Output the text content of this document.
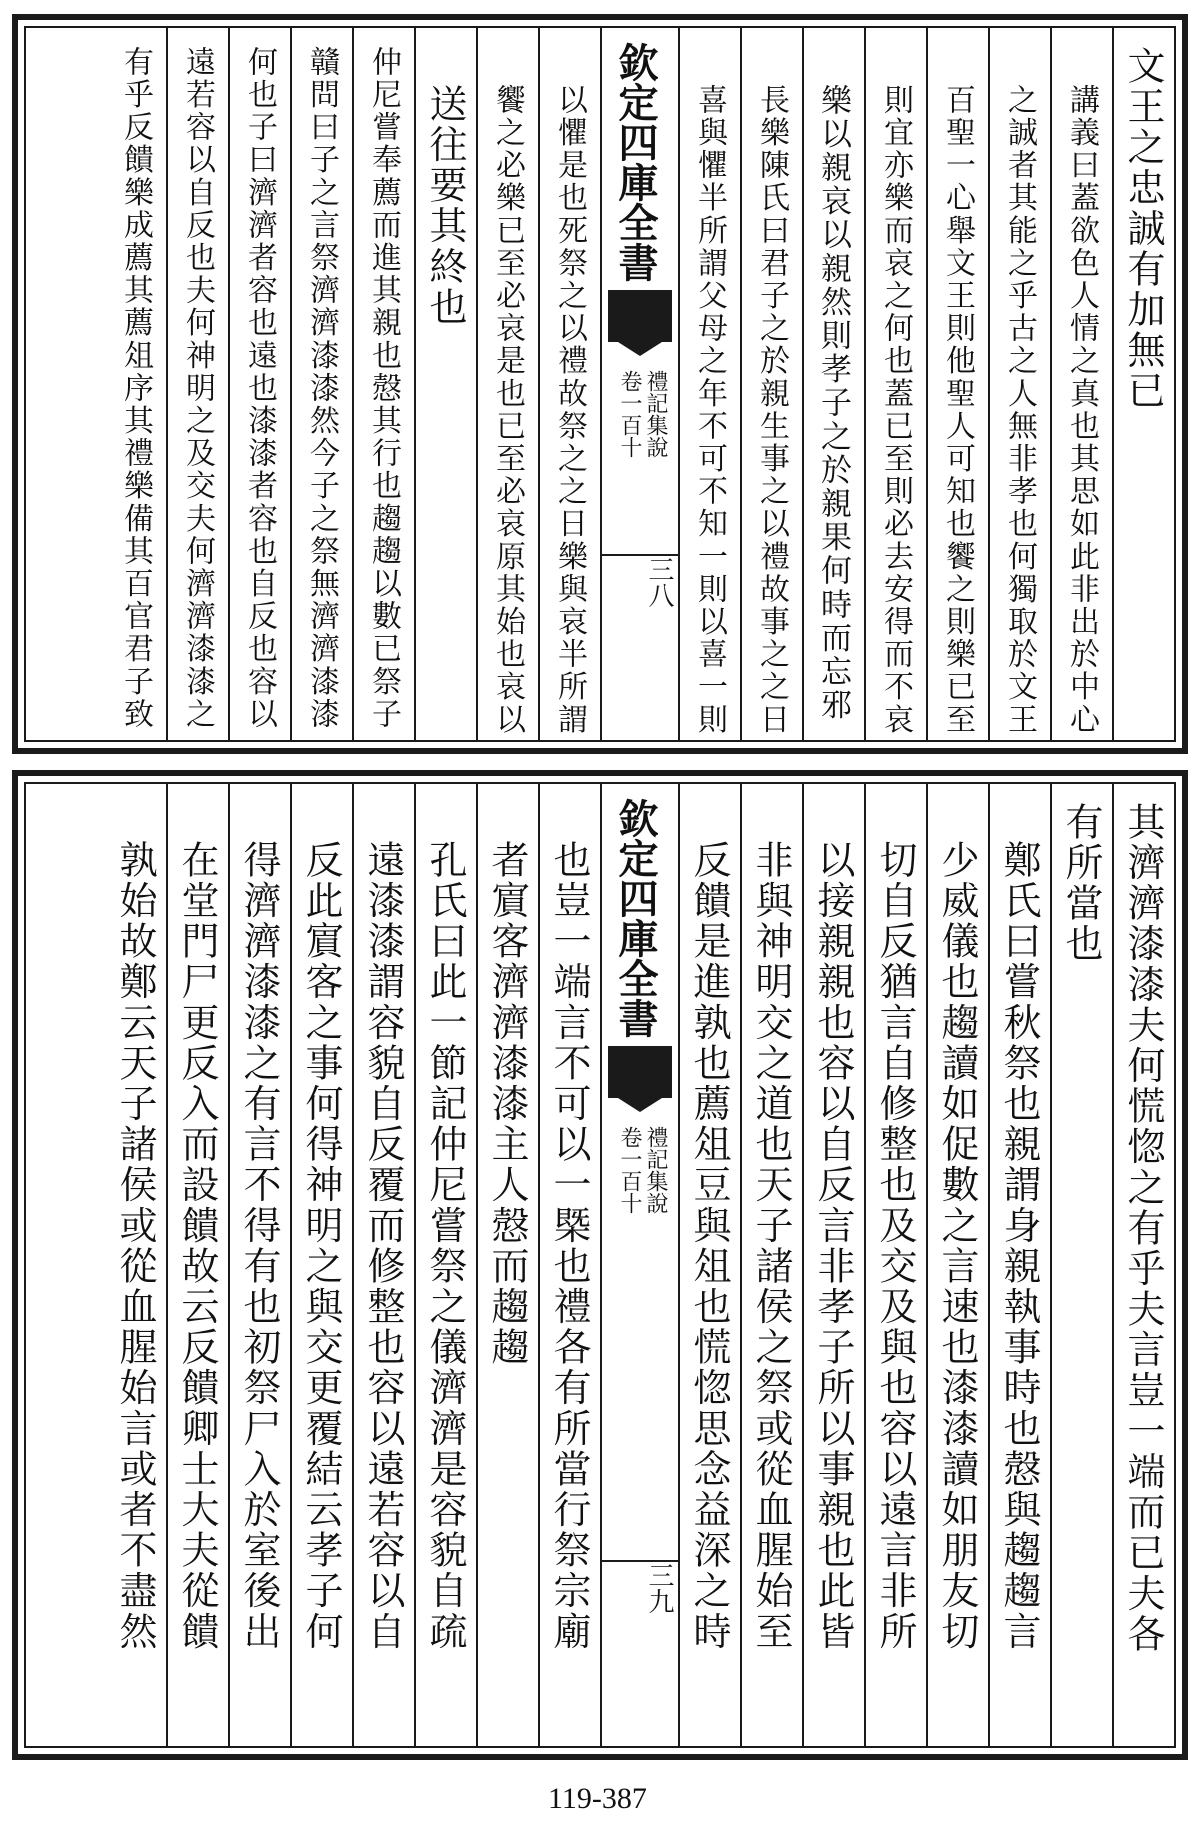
文王之忠誠有加無已
講義曰蓋欲色人情之真也其思如此非出於中心
之誠者其能之乎古之人無非孝也何獨取於文王
百聖一心舉文王則他聖人可知也饗之則樂已至
則宜亦樂而哀之何也蓋已至則必去安得而不哀
樂以親哀以親然則孝子之於親果何時而忘邪
長樂陳氏曰君子之於親生事之以禮故事之之日
喜與懼半所謂父母之年不可不知一則以喜一則
欽定四庫全書
禮記集說
卷一百十
三八
以懼是也死祭之以禮故祭之之日樂與哀半所謂
饗之必樂已至必哀是也已至必哀原其始也哀以
送往要其終也
仲尼嘗奉薦而進其親也慤其行也趨趨以數已祭子
贛問曰子之言祭濟濟漆漆然今子之祭無濟濟漆漆
何也子曰濟濟者容也遠也漆漆者容也自反也容以
遠若容以自反也夫何神明之及交夫何濟濟漆漆之
有乎反饋樂成薦其薦俎序其禮樂備其百官君子致
其濟濟漆漆夫何慌惚之有乎夫言豈一端而已夫各
有所當也
鄭氏曰嘗秋祭也親謂身親執事時也慤與趨趨言
少威儀也趨讀如促數之言速也漆漆讀如朋友切
切自反猶言自修整也及交及與也容以遠言非所
以接親親也容以自反言非孝子所以事親也此皆
非與神明交之道也天子諸侯之祭或從血腥始至
反饋是進孰也薦俎豆與俎也慌惚思念益深之時
欽定四庫全書
禮記集說
卷一百十
三九
也豈一端言不可以一槩也禮各有所當行祭宗廟
者賔客濟濟漆漆主人慤而趨趨
孔氏曰此一節記仲尼嘗祭之儀濟濟是容貌自疏
遠漆漆謂容貌自反覆而修整也容以遠若容以自
反此賔客之事何得神明之與交更覆結云孝子何
得濟濟漆漆之有言不得有也初祭尸入於室後出
在堂門尸更反入而設饋故云反饋卿士大夫從饋
孰始故鄭云天子諸侯或從血腥始言或者不盡然
119-387
